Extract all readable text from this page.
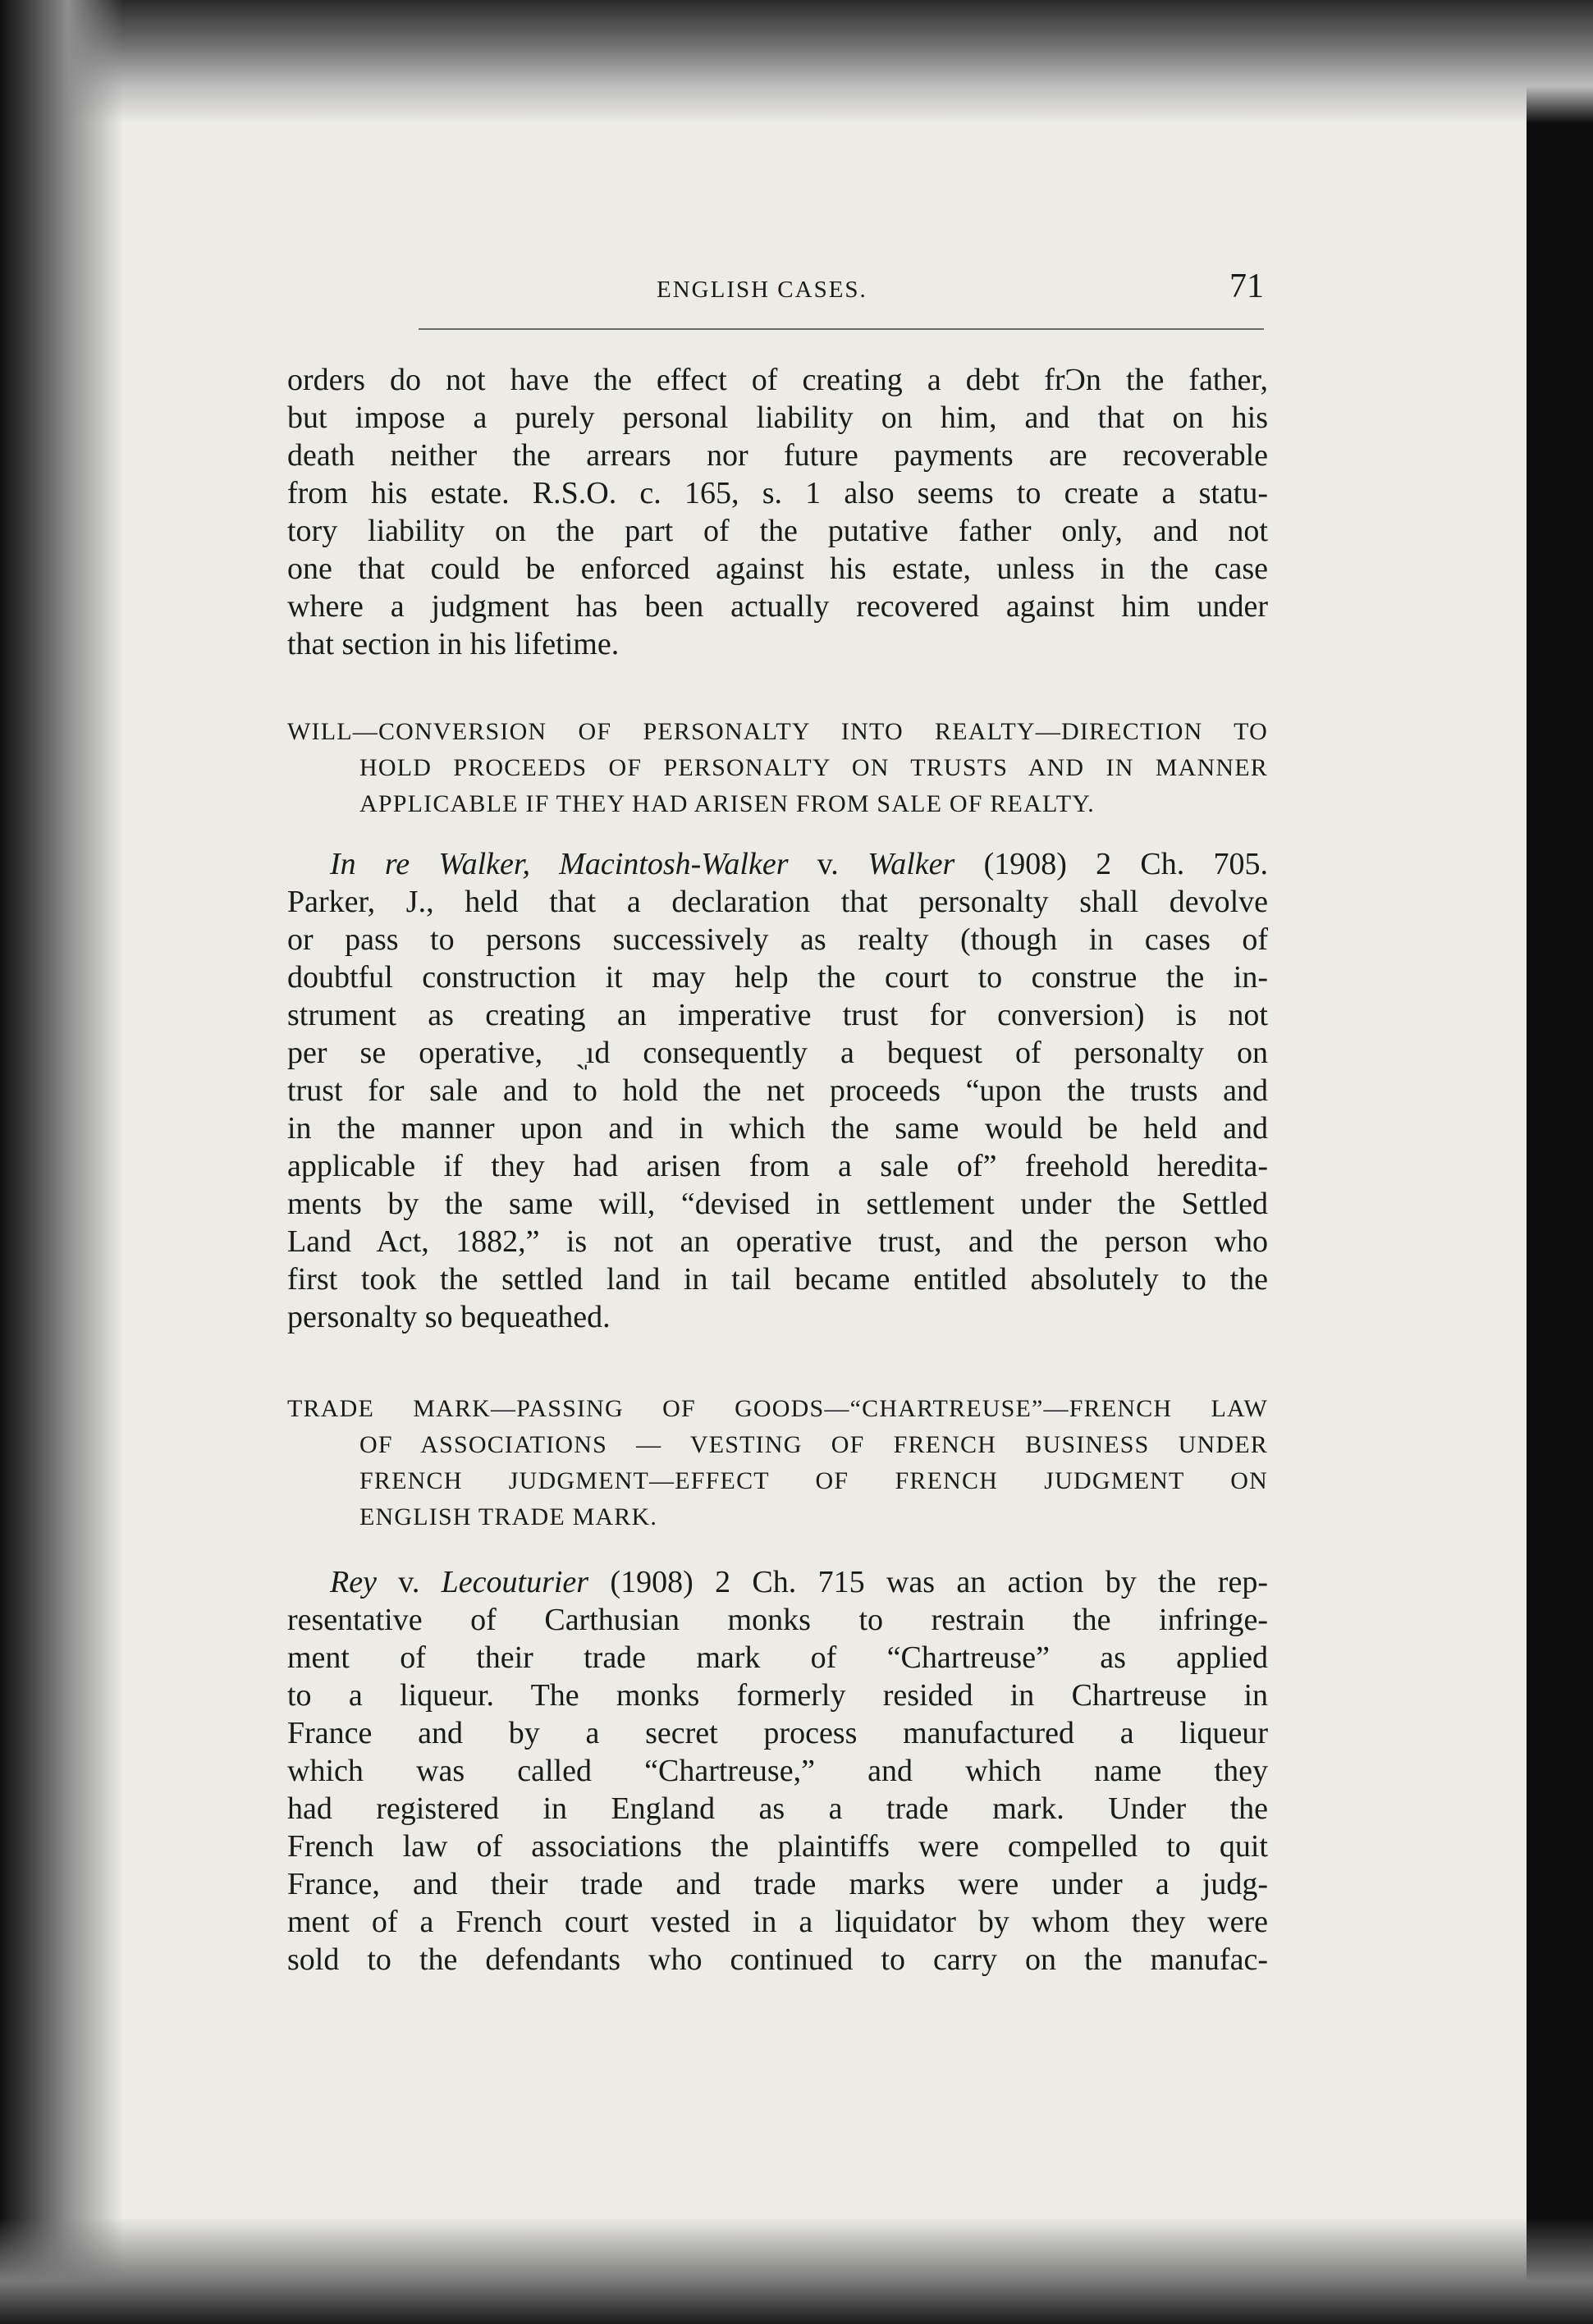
ENGLISH CASES.	71
orders do not have the effect of creating a debt frƆn the father,
but impose a purely personal liability on him, and that on his
death neither the arrears nor future payments are recoverable
from his estate. R.S.O. c. 165, s. 1 also seems to create a statu-
tory liability on the part of the putative father only, and not
one that could be enforced against his estate, unless in the case
where a judgment has been actually recovered against him under
that section in his lifetime.
WILL—CONVERSION OF PERSONALTY INTO REALTY—DIRECTION TO
HOLD PROCEEDS OF PERSONALTY ON TRUSTS AND IN MANNER
APPLICABLE IF THEY HAD ARISEN FROM SALE OF REALTY.
In re Walker, Macintosh-Walker v. Walker (1908) 2 Ch. 705.
Parker, J., held that a declaration that personalty shall devolve
or pass to persons successively as realty (though in cases of
doubtful construction it may help the court to construe the in-
strument as creating an imperative trust for conversion) is not
per se operative, ˏ̩ıd consequently a bequest of personalty on
trust for sale and to hold the net proceeds “upon the trusts and
in the manner upon and in which the same would be held and
applicable if they had arisen from a sale of” freehold heredita-
ments by the same will, “devised in settlement under the Settled
Land Act, 1882,” is not an operative trust, and the person who
first took the settled land in tail became entitled absolutely to the
personalty so bequeathed.
TRADE MARK—PASSING OF GOODS—“CHARTREUSE”—FRENCH LAW
OF ASSOCIATIONS — VESTING OF FRENCH BUSINESS UNDER
FRENCH JUDGMENT—EFFECT OF FRENCH JUDGMENT ON
ENGLISH TRADE MARK.
Rey v. Lecouturier (1908) 2 Ch. 715 was an action by the rep-
resentative of Carthusian monks to restrain the infringe-
ment of their trade mark of “Chartreuse” as applied
to a liqueur. The monks formerly resided in Chartreuse in
France and by a secret process manufactured a liqueur
which was called “Chartreuse,” and which name they
had registered in England as a trade mark. Under the
French law of associations the plaintiffs were compelled to quit
France, and their trade and trade marks were under a judg-
ment of a French court vested in a liquidator by whom they were
sold to the defendants who continued to carry on the manufac-
